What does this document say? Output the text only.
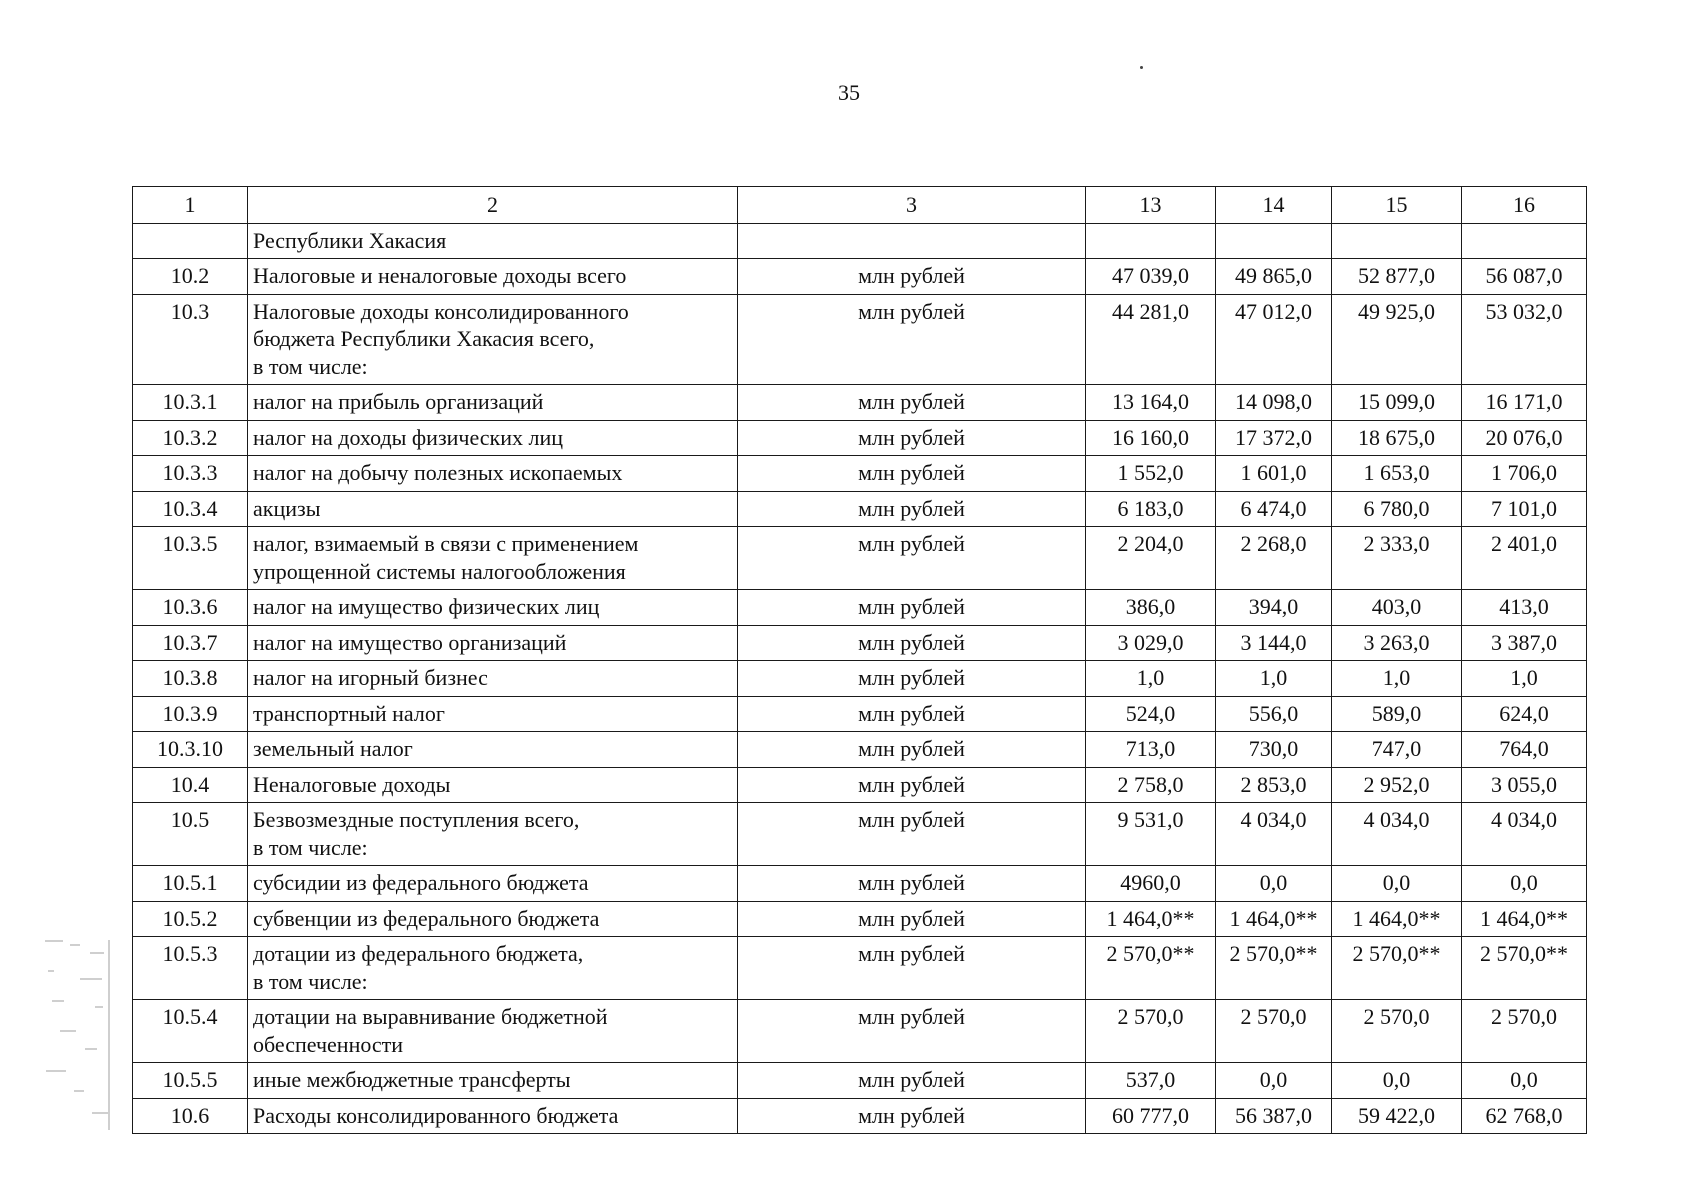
35
1	2	3	13	14	15	16

	Республики Хакасия					

10.2	Налоговые и неналоговые доходы всего	млн рублей	47 039,0	49 865,0	52 877,0	56 087,0
10.3	Налоговые доходы консолидированного
бюджета Республики Хакасия всего,
в том числе:	млн рублей	44 281,0	47 012,0	49 925,0	53 032,0
10.3.1	налог на прибыль организаций	млн рублей	13 164,0	14 098,0	15 099,0	16 171,0
10.3.2	налог на доходы физических лиц	млн рублей	16 160,0	17 372,0	18 675,0	20 076,0
10.3.3	налог на добычу полезных ископаемых	млн рублей	1 552,0	1 601,0	1 653,0	1 706,0
10.3.4	акцизы	млн рублей	6 183,0	6 474,0	6 780,0	7 101,0
10.3.5	налог, взимаемый в связи с применением
упрощенной системы налогообложения	млн рублей	2 204,0	2 268,0	2 333,0	2 401,0
10.3.6	налог на имущество физических лиц	млн рублей	386,0	394,0	403,0	413,0
10.3.7	налог на имущество организаций	млн рублей	3 029,0	3 144,0	3 263,0	3 387,0
10.3.8	налог на игорный бизнес	млн рублей	1,0	1,0	1,0	1,0
10.3.9	транспортный налог	млн рублей	524,0	556,0	589,0	624,0
10.3.10	земельный налог	млн рублей	713,0	730,0	747,0	764,0
10.4	Неналоговые доходы	млн рублей	2 758,0	2 853,0	2 952,0	3 055,0
10.5	Безвозмездные поступления всего,
в том числе:	млн рублей	9 531,0	4 034,0	4 034,0	4 034,0
10.5.1	субсидии из федерального бюджета	млн рублей	4960,0	0,0	0,0	0,0
10.5.2	субвенции из федерального бюджета	млн рублей	1 464,0**	1 464,0**	1 464,0**	1 464,0**
10.5.3	дотации из федерального бюджета,
в том числе:	млн рублей	2 570,0**	2 570,0**	2 570,0**	2 570,0**
10.5.4	дотации на выравнивание бюджетной
обеспеченности	млн рублей	2 570,0	2 570,0	2 570,0	2 570,0
10.5.5	иные межбюджетные трансферты	млн рублей	537,0	0,0	0,0	0,0
10.6	Расходы консолидированного бюджета	млн рублей	60 777,0	56 387,0	59 422,0	62 768,0
